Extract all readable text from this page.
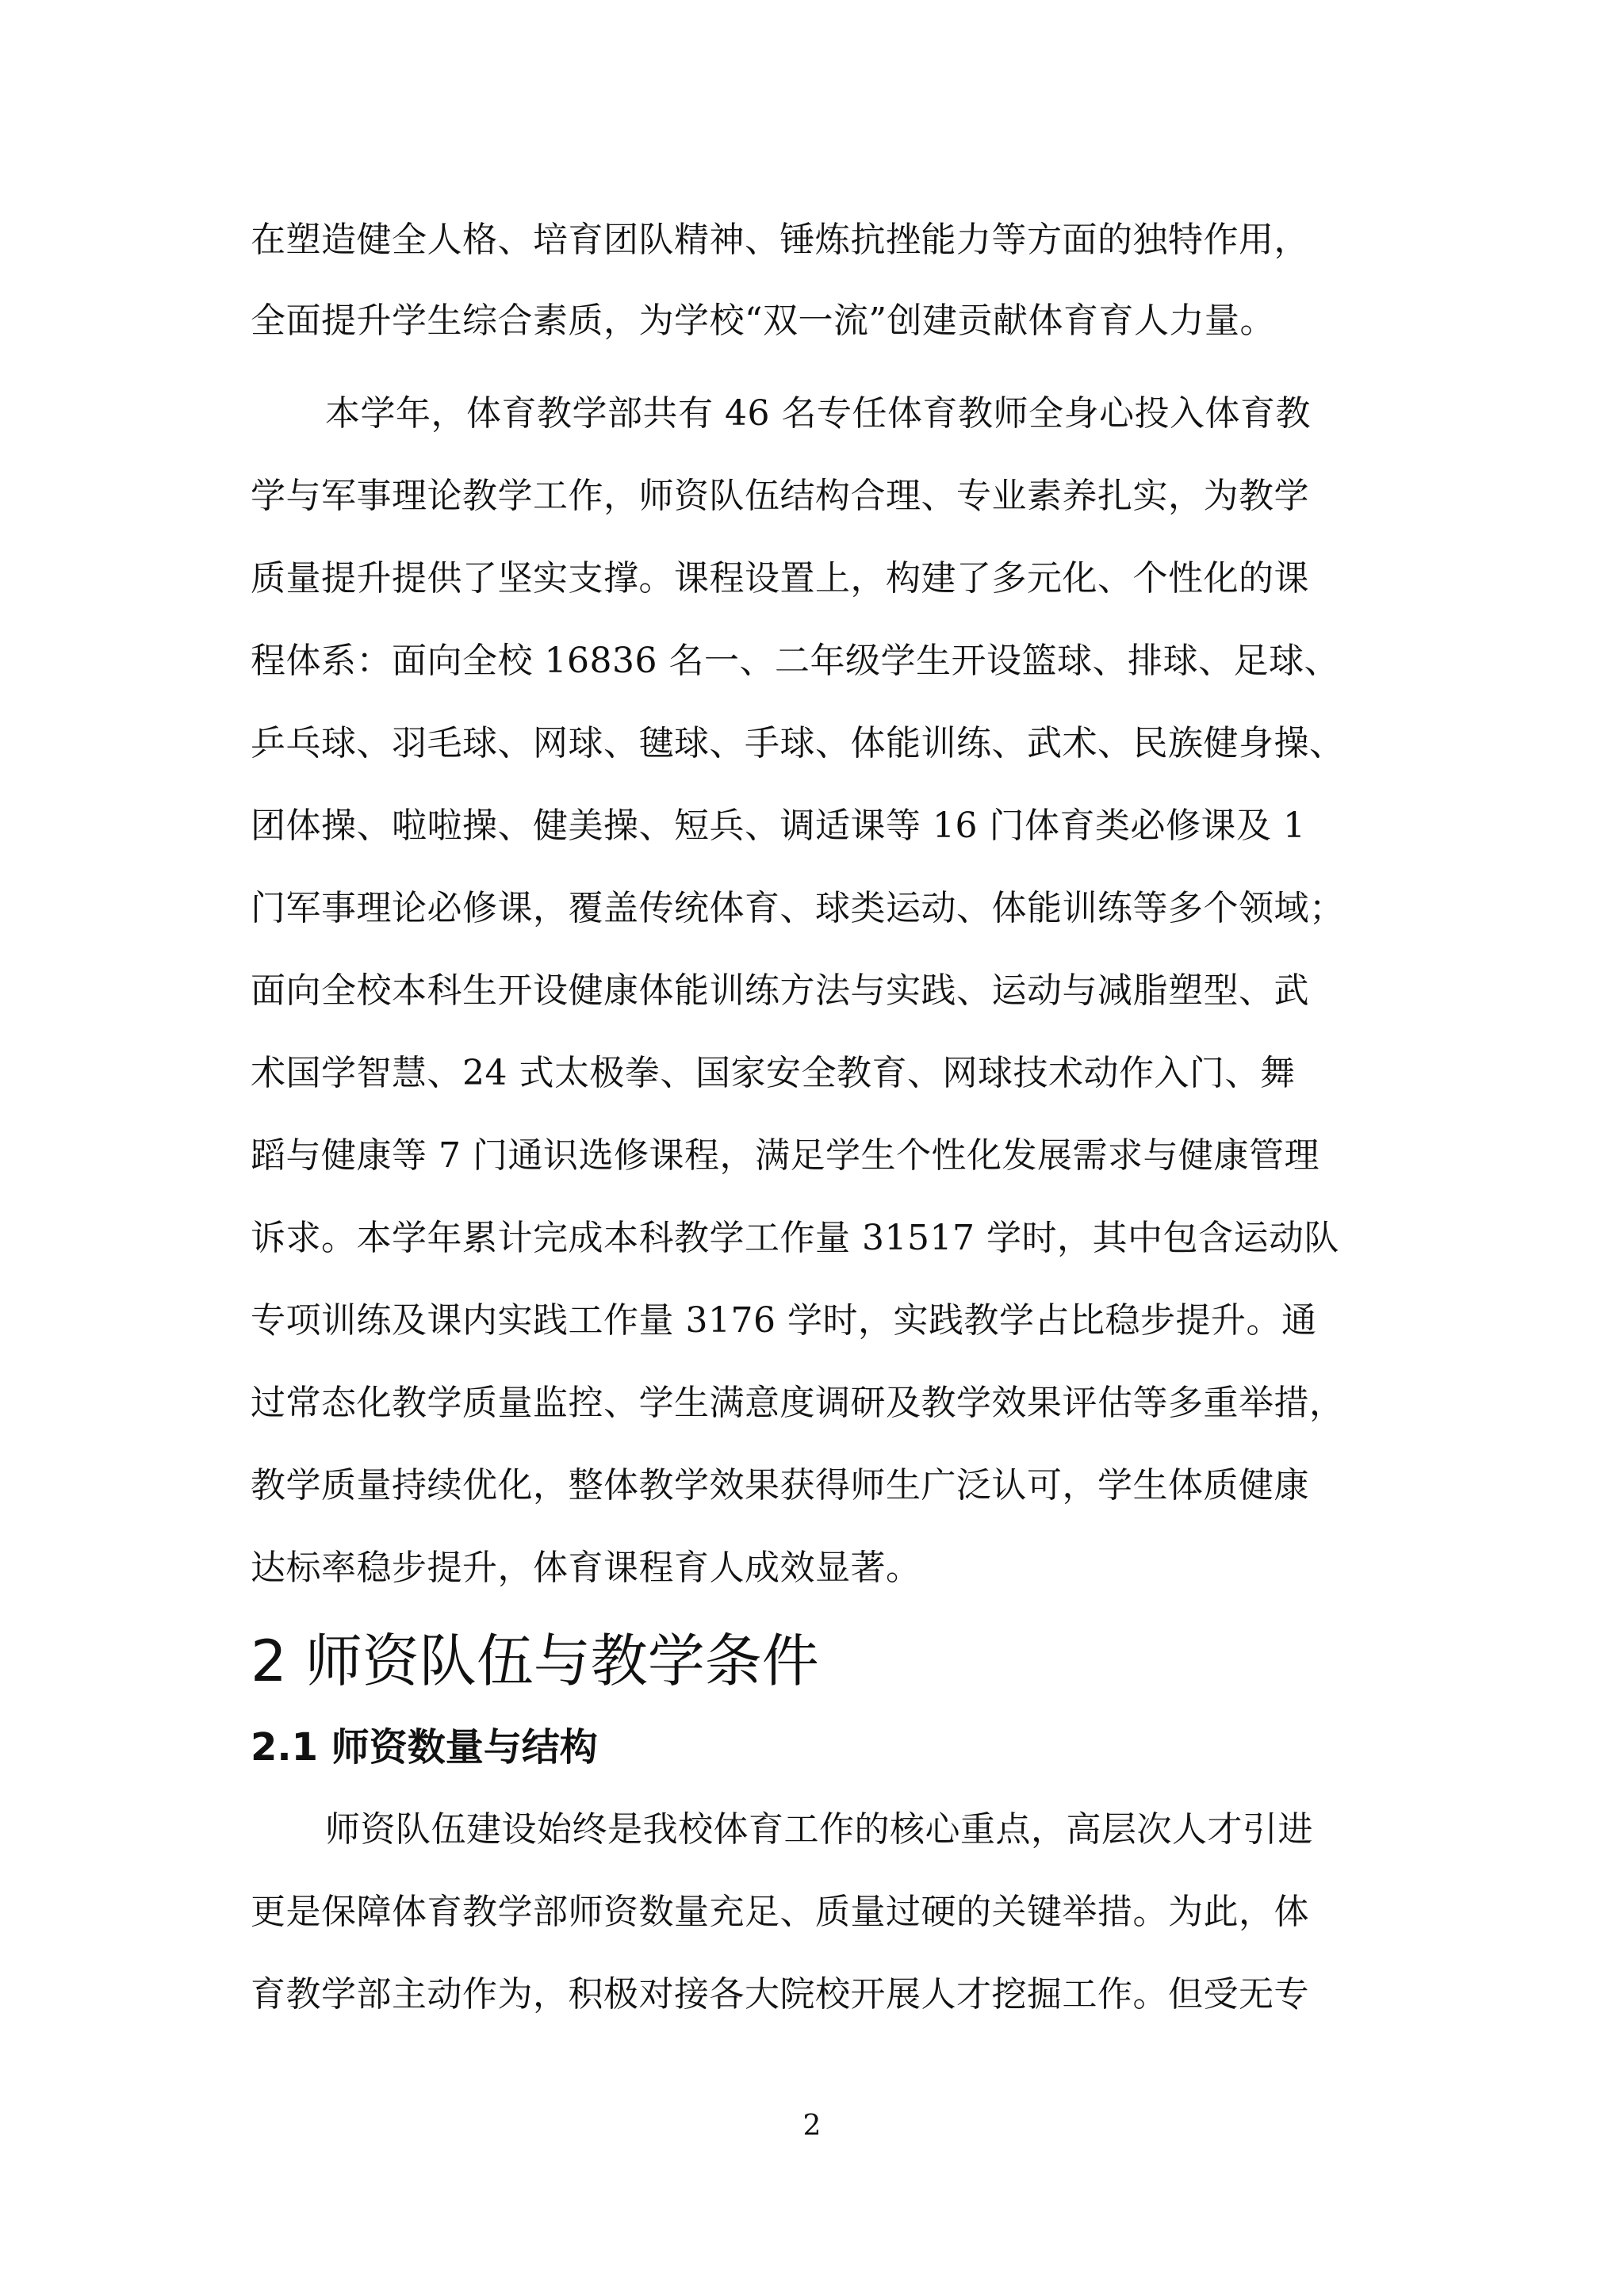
在塑造健全人格、培育团队精神、锤炼抗挫能力等方面的独特作用，
全面提升学生综合素质，为学校“双一流”创建贡献体育育人力量。
本学年，体育教学部共有 46 名专任体育教师全身心投入体育教
学与军事理论教学工作，师资队伍结构合理、专业素养扎实，为教学
质量提升提供了坚实支撑。课程设置上，构建了多元化、个性化的课
程体系：面向全校 16836 名一、二年级学生开设篮球、排球、足球、
乒乓球、羽毛球、网球、毽球、手球、体能训练、武术、民族健身操、
团体操、啦啦操、健美操、短兵、调适课等 16 门体育类必修课及 1
门军事理论必修课，覆盖传统体育、球类运动、体能训练等多个领域；
面向全校本科生开设健康体能训练方法与实践、运动与减脂塑型、武
术国学智慧、24 式太极拳、国家安全教育、网球技术动作入门、舞
蹈与健康等 7 门通识选修课程，满足学生个性化发展需求与健康管理
诉求。本学年累计完成本科教学工作量 31517 学时，其中包含运动队
专项训练及课内实践工作量 3176 学时，实践教学占比稳步提升。通
过常态化教学质量监控、学生满意度调研及教学效果评估等多重举措，
教学质量持续优化，整体教学效果获得师生广泛认可，学生体质健康
达标率稳步提升，体育课程育人成效显著。
2 师资队伍与教学条件
2.1 师资数量与结构
师资队伍建设始终是我校体育工作的核心重点，高层次人才引进
更是保障体育教学部师资数量充足、质量过硬的关键举措。为此，体
育教学部主动作为，积极对接各大院校开展人才挖掘工作。但受无专
2
